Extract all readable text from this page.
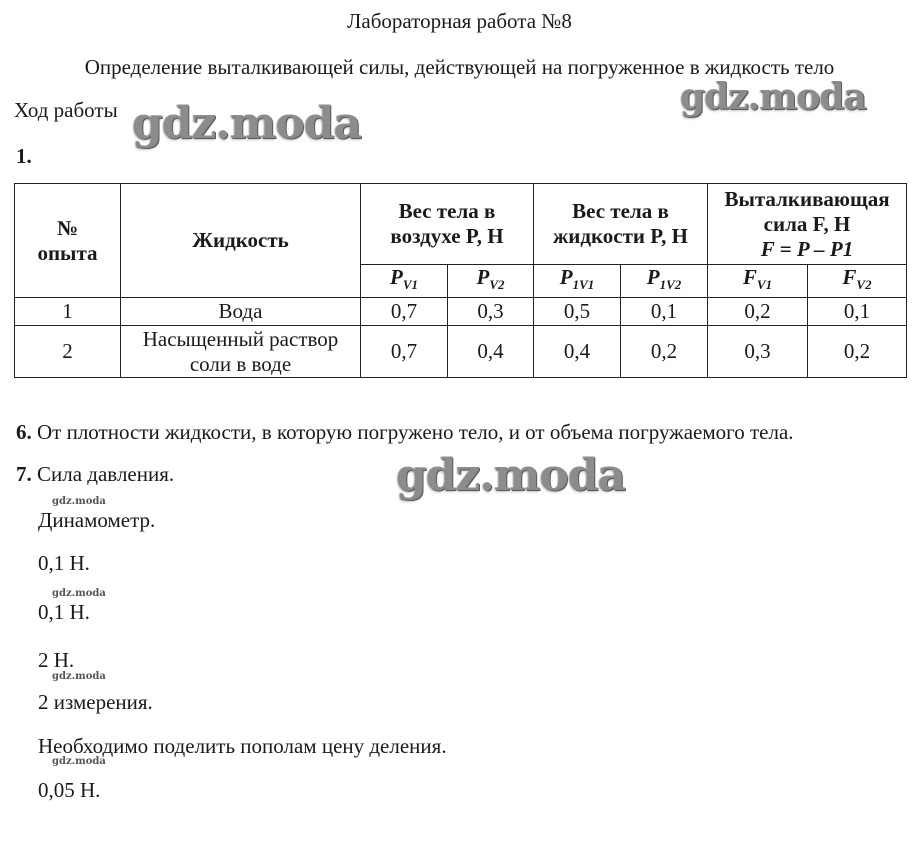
Лабораторная работа №8
Определение выталкивающей силы, действующей на погруженное в жидкость тело
Ход работы gdz.moda
gdz.moda
gdz.moda
1.
№ опыта	Жидкость	Вес тела в воздухе P, Н		Вес тела в жидкости P, Н		Выталкивающая сила F, Н
F = P – P1	
		$P_{V1}$	$P_{V2}$	$P_{1V1}$	$P_{1V2}$	$F_{V1}$	$F_{V2}$
1	Вода	0,7	0,3	0,5	0,1	0,2	0,1
2	Насыщенный раствор соли в воде	0,7	0,4	0,4	0,2	0,3	0,2
6. От плотности жидкости, в которую погружено тело, и от объема погружаемого тела.
7. Сила давления.
gdz.moda
Динамометр.
0,1 Н.
gdz.moda
0,1 Н.
2 Н.
gdz.moda
2 измерения.
Необходимо поделить пополам цену деления.
gdz.moda
0,05 Н.
